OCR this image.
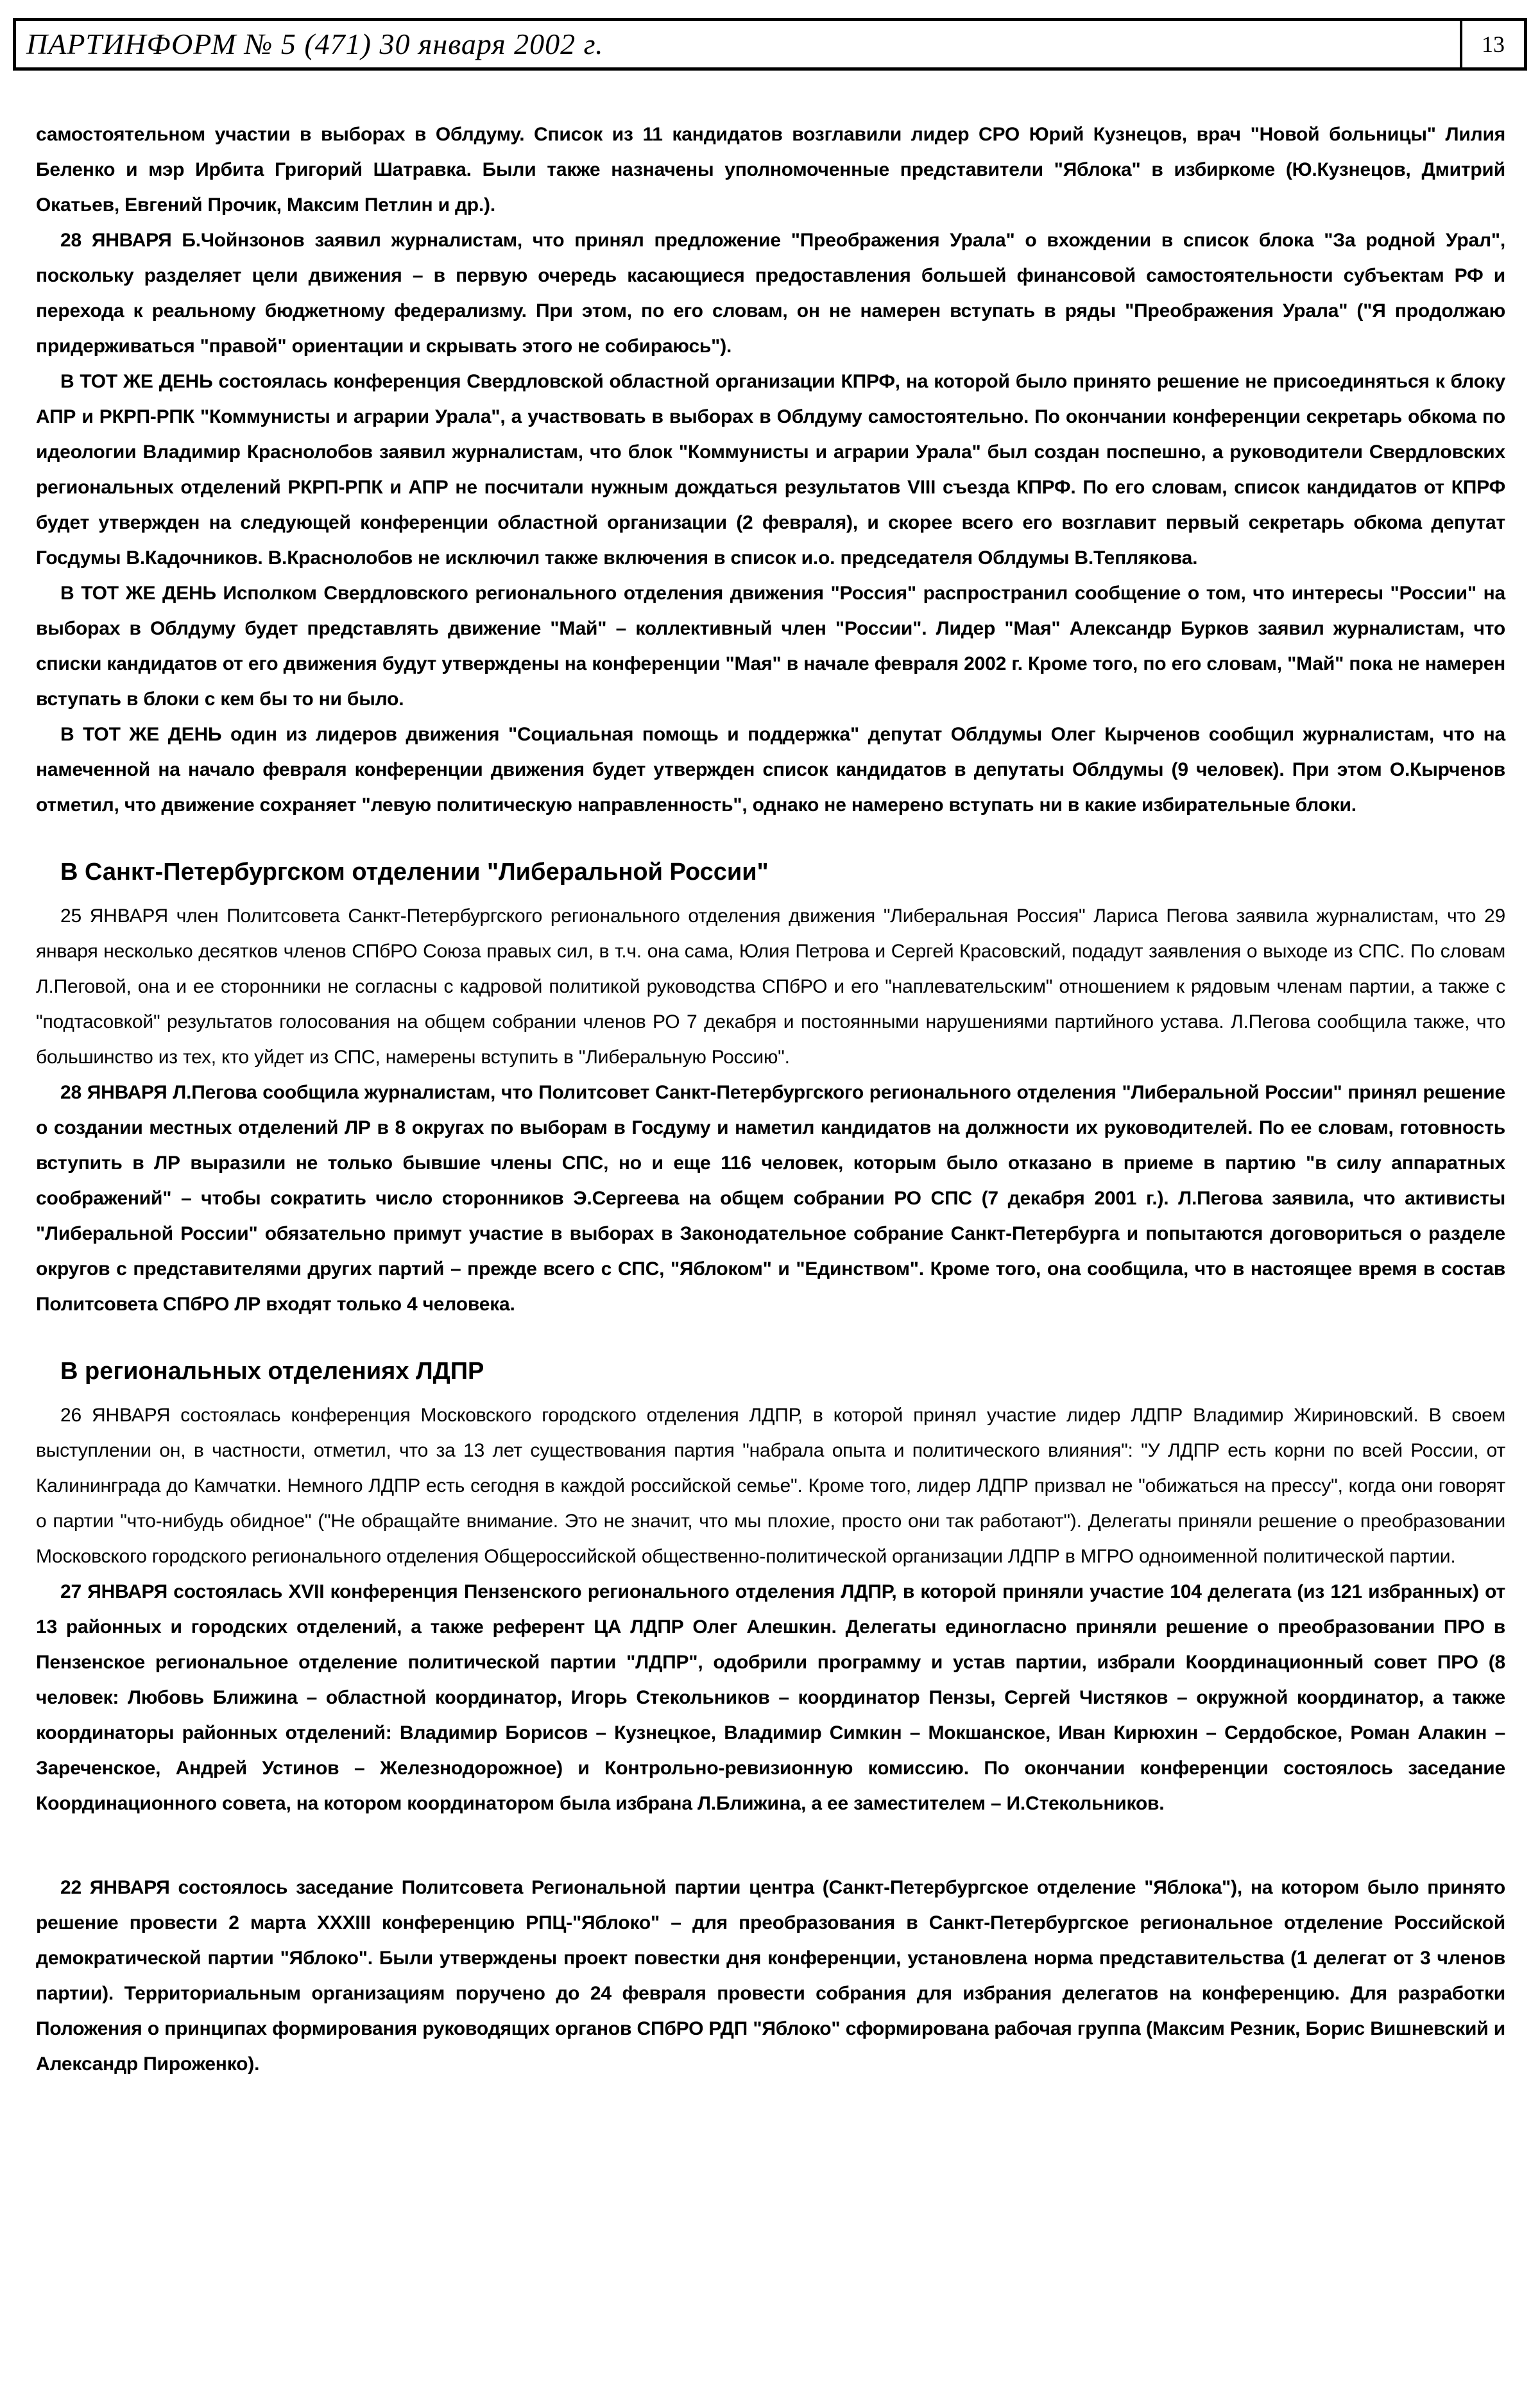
ПАРТИНФОРМ № 5 (471) 30 января 2002 г.	13

самостоятельном участии в выборах в Облдуму. Список из 11 кандидатов возглавили лидер СРО Юрий Кузнецов, врач "Новой больницы" Лилия Беленко и мэр Ирбита Григорий Шатравка. Были также назначены уполномоченные представители "Яблока" в избиркоме (Ю.Кузнецов, Дмитрий Окатьев, Евгений Прочик, Максим Петлин и др.).

28 ЯНВАРЯ Б.Чойнзонов заявил журналистам, что принял предложение "Преображения Урала" о вхождении в список блока "За родной Урал", поскольку разделяет цели движения – в первую очередь касающиеся предоставления большей финансовой самостоятельности субъектам РФ и перехода к реальному бюджетному федерализму. При этом, по его словам, он не намерен вступать в ряды "Преображения Урала" ("Я продолжаю придерживаться "правой" ориентации и скрывать этого не собираюсь").

В ТОТ ЖЕ ДЕНЬ состоялась конференция Свердловской областной организации КПРФ, на которой было принято решение не присоединяться к блоку АПР и РКРП-РПК "Коммунисты и аграрии Урала", а участвовать в выборах в Облдуму самостоятельно. По окончании конференции секретарь обкома по идеологии Владимир Краснолобов заявил журналистам, что блок "Коммунисты и аграрии Урала" был создан поспешно, а руководители Свердловских региональных отделений РКРП-РПК и АПР не посчитали нужным дождаться результатов VIII съезда КПРФ. По его словам, список кандидатов от КПРФ будет утвержден на следующей конференции областной организации (2 февраля), и скорее всего его возглавит первый секретарь обкома депутат Госдумы В.Кадочников. В.Краснолобов не исключил также включения в список и.о. председателя Облдумы В.Теплякова.

В ТОТ ЖЕ ДЕНЬ Исполком Свердловского регионального отделения движения "Россия" распространил сообщение о том, что интересы "России" на выборах в Облдуму будет представлять движение "Май" – коллективный член "России". Лидер "Мая" Александр Бурков заявил журналистам, что списки кандидатов от его движения будут утверждены на конференции "Мая" в начале февраля 2002 г. Кроме того, по его словам, "Май" пока не намерен вступать в блоки с кем бы то ни было.

В ТОТ ЖЕ ДЕНЬ один из лидеров движения "Социальная помощь и поддержка" депутат Облдумы Олег Кырченов сообщил журналистам, что на намеченной на начало февраля конференции движения будет утвержден список кандидатов в депутаты Облдумы (9 человек). При этом О.Кырченов отметил, что движение сохраняет "левую политическую направленность", однако не намерено вступать ни в какие избирательные блоки.

В Санкт-Петербургском отделении "Либеральной России"

25 ЯНВАРЯ член Политсовета Санкт-Петербургского регионального отделения движения "Либеральная Россия" Лариса Пегова заявила журналистам, что 29 января несколько десятков членов СПбРО Союза правых сил, в т.ч. она сама, Юлия Петрова и Сергей Красовский, подадут заявления о выходе из СПС. По словам Л.Пеговой, она и ее сторонники не согласны с кадровой политикой руководства СПбРО и его "наплевательским" отношением к рядовым членам партии, а также с "подтасовкой" результатов голосования на общем собрании членов РО 7 декабря и постоянными нарушениями партийного устава. Л.Пегова сообщила также, что большинство из тех, кто уйдет из СПС, намерены вступить в "Либеральную Россию".

28 ЯНВАРЯ Л.Пегова сообщила журналистам, что Политсовет Санкт-Петербургского регионального отделения "Либеральной России" принял решение о создании местных отделений ЛР в 8 округах по выборам в Госдуму и наметил кандидатов на должности их руководителей. По ее словам, готовность вступить в ЛР выразили не только бывшие члены СПС, но и еще 116 человек, которым было отказано в приеме в партию "в силу аппаратных соображений" – чтобы сократить число сторонников Э.Сергеева на общем собрании РО СПС (7 декабря 2001 г.). Л.Пегова заявила, что активисты "Либеральной России" обязательно примут участие в выборах в Законодательное собрание Санкт-Петербурга и попытаются договориться о разделе округов с представителями других партий – прежде всего с СПС, "Яблоком" и "Единством". Кроме того, она сообщила, что в настоящее время в состав Политсовета СПбРО ЛР входят только 4 человека.

В региональных отделениях ЛДПР

26 ЯНВАРЯ состоялась конференция Московского городского отделения ЛДПР, в которой принял участие лидер ЛДПР Владимир Жириновский. В своем выступлении он, в частности, отметил, что за 13 лет существования партия "набрала опыта и политического влияния": "У ЛДПР есть корни по всей России, от Калининграда до Камчатки. Немного ЛДПР есть сегодня в каждой российской семье". Кроме того, лидер ЛДПР призвал не "обижаться на прессу", когда они говорят о партии "что-нибудь обидное" ("Не обращайте внимание. Это не значит, что мы плохие, просто они так работают"). Делегаты приняли решение о преобразовании Московского городского регионального отделения Общероссийской общественно-политической организации ЛДПР в МГРО одноименной политической партии.

27 ЯНВАРЯ состоялась XVII конференция Пензенского регионального отделения ЛДПР, в которой приняли участие 104 делегата (из 121 избранных) от 13 районных и городских отделений, а также референт ЦА ЛДПР Олег Алешкин. Делегаты единогласно приняли решение о преобразовании ПРО в Пензенское региональное отделение политической партии "ЛДПР", одобрили программу и устав партии, избрали Координационный совет ПРО (8 человек: Любовь Ближина – областной координатор, Игорь Стекольников – координатор Пензы, Сергей Чистяков – окружной координатор, а также координаторы районных отделений: Владимир Борисов – Кузнецкое, Владимир Симкин – Мокшанское, Иван Кирюхин – Сердобское, Роман Алакин – Зареченское, Андрей Устинов – Железнодорожное) и Контрольно-ревизионную комиссию. По окончании конференции состоялось заседание Координационного совета, на котором координатором была избрана Л.Ближина, а ее заместителем – И.Стекольников.

22 ЯНВАРЯ состоялось заседание Политсовета Региональной партии центра (Санкт-Петербургское отделение "Яблока"), на котором было принято решение провести 2 марта XXXIII конференцию РПЦ-"Яблоко" – для преобразования в Санкт-Петербургское региональное отделение Российской демократической партии "Яблоко". Были утверждены проект повестки дня конференции, установлена норма представительства (1 делегат от 3 членов партии). Территориальным организациям поручено до 24 февраля провести собрания для избрания делегатов на конференцию. Для разработки Положения о принципах формирования руководящих органов СПбРО РДП "Яблоко" сформирована рабочая группа (Максим Резник, Борис Вишневский и Александр Пироженко).
